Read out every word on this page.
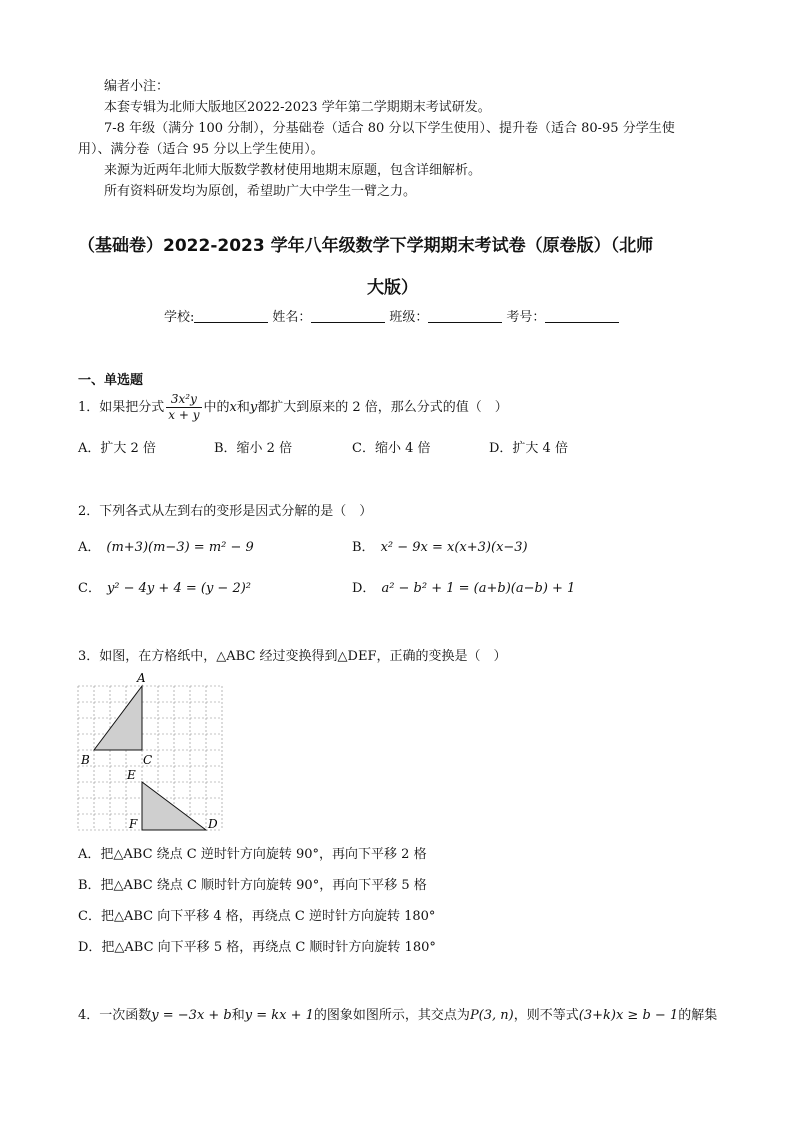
编者小注：
本套专辑为北师大版地区2022-2023 学年第二学期期末考试研发。
7-8 年级（满分 100 分制），分基础卷（适合 80 分以下学生使用）、提升卷（适合 80-95 分学生使
用）、满分卷（适合 95 分以上学生使用）。
来源为近两年北师大版数学教材使用地期末原题，包含详细解析。
所有资料研发均为原创，希望助广大中学生一臂之力。
（基础卷）2022-2023 学年八年级数学下学期期末考试卷（原卷版）（北师
大版）
学校:	姓名：	班级：	考号：
一、单选题
1．如果把分式 $\frac{\text{3x²y}}{x + y}$ 中的x和y都扩大到原来的 2 倍，那么分式的值（　）
A．扩大 2 倍	B．缩小 2 倍	C．缩小 4 倍	D．扩大 4 倍
2．下列各式从左到右的变形是因式分解的是（　）
A． (m+3)(m−3) = m² − 9	B． x² − 9x = x(x+3)(x−3)
C． y² − 4y + 4 = (y − 2)²	D． a² − b² + 1 = (a+b)(a−b) + 1
3．如图，在方格纸中，△ABC 经过变换得到△DEF，正确的变换是（　）
A
B	C
E
F	D
A．把△ABC 绕点 C 逆时针方向旋转 90°，再向下平移 2 格
B．把△ABC 绕点 C 顺时针方向旋转 90°，再向下平移 5 格
C．把△ABC 向下平移 4 格，再绕点 C 逆时针方向旋转 180°
D．把△ABC 向下平移 5 格，再绕点 C 顺时针方向旋转 180°
4．一次函数y = −3x + b和y = kx + 1的图象如图所示，其交点为P(3, n)，则不等式(3+k)x ≥ b − 1的解集
